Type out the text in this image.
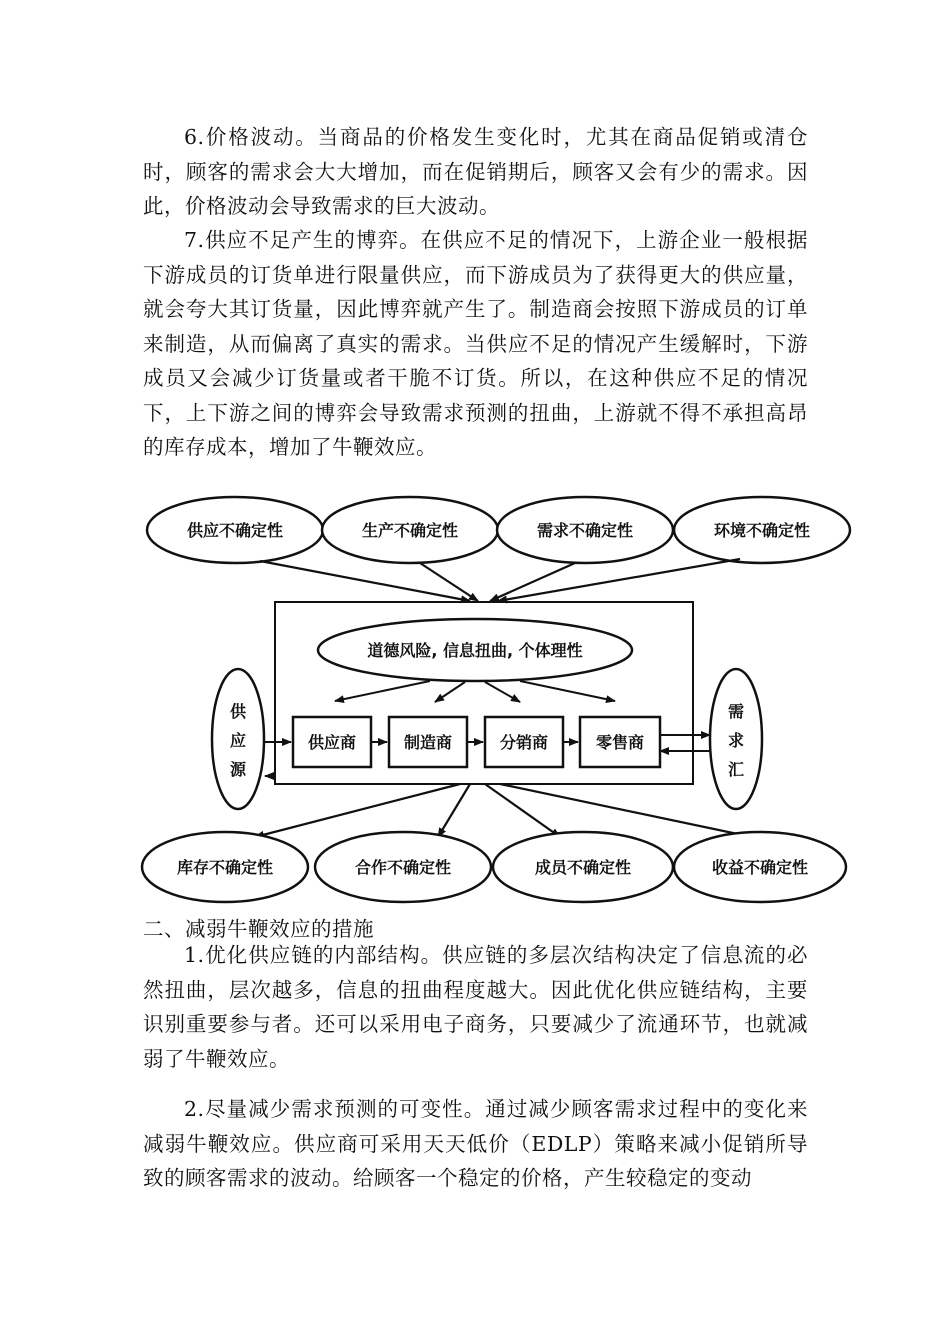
6.价格波动。当商品的价格发生变化时，尤其在商品促销或清仓时，顾客的需求会大大增加，而在促销期后，顾客又会有少的需求。因此，价格波动会导致需求的巨大波动。

7.供应不足产生的博弈。在供应不足的情况下，上游企业一般根据下游成员的订货单进行限量供应，而下游成员为了获得更大的供应量，就会夸大其订货量，因此博弈就产生了。制造商会按照下游成员的订单来制造，从而偏离了真实的需求。当供应不足的情况产生缓解时，下游成员又会减少订货量或者干脆不订货。所以，在这种供应不足的情况下，上下游之间的博弈会导致需求预测的扭曲，上游就不得不承担高昂的库存成本，增加了牛鞭效应。

供应不确定性	生产不确定性	需求不确定性	环境不确定性
道德风险, 信息扭曲, 个体理性
供应商	制造商	分销商	零售商
供
应
源
需
求
汇
库存不确定性	合作不确定性	成员不确定性	收益不确定性

二、减弱牛鞭效应的措施

1.优化供应链的内部结构。供应链的多层次结构决定了信息流的必然扭曲，层次越多，信息的扭曲程度越大。因此优化供应链结构，主要识别重要参与者。还可以采用电子商务，只要减少了流通环节，也就减弱了牛鞭效应。

2.尽量减少需求预测的可变性。通过减少顾客需求过程中的变化来减弱牛鞭效应。供应商可采用天天低价（EDLP）策略来减小促销所导致的顾客需求的波动。给顾客一个稳定的价格，产生较稳定的变动
